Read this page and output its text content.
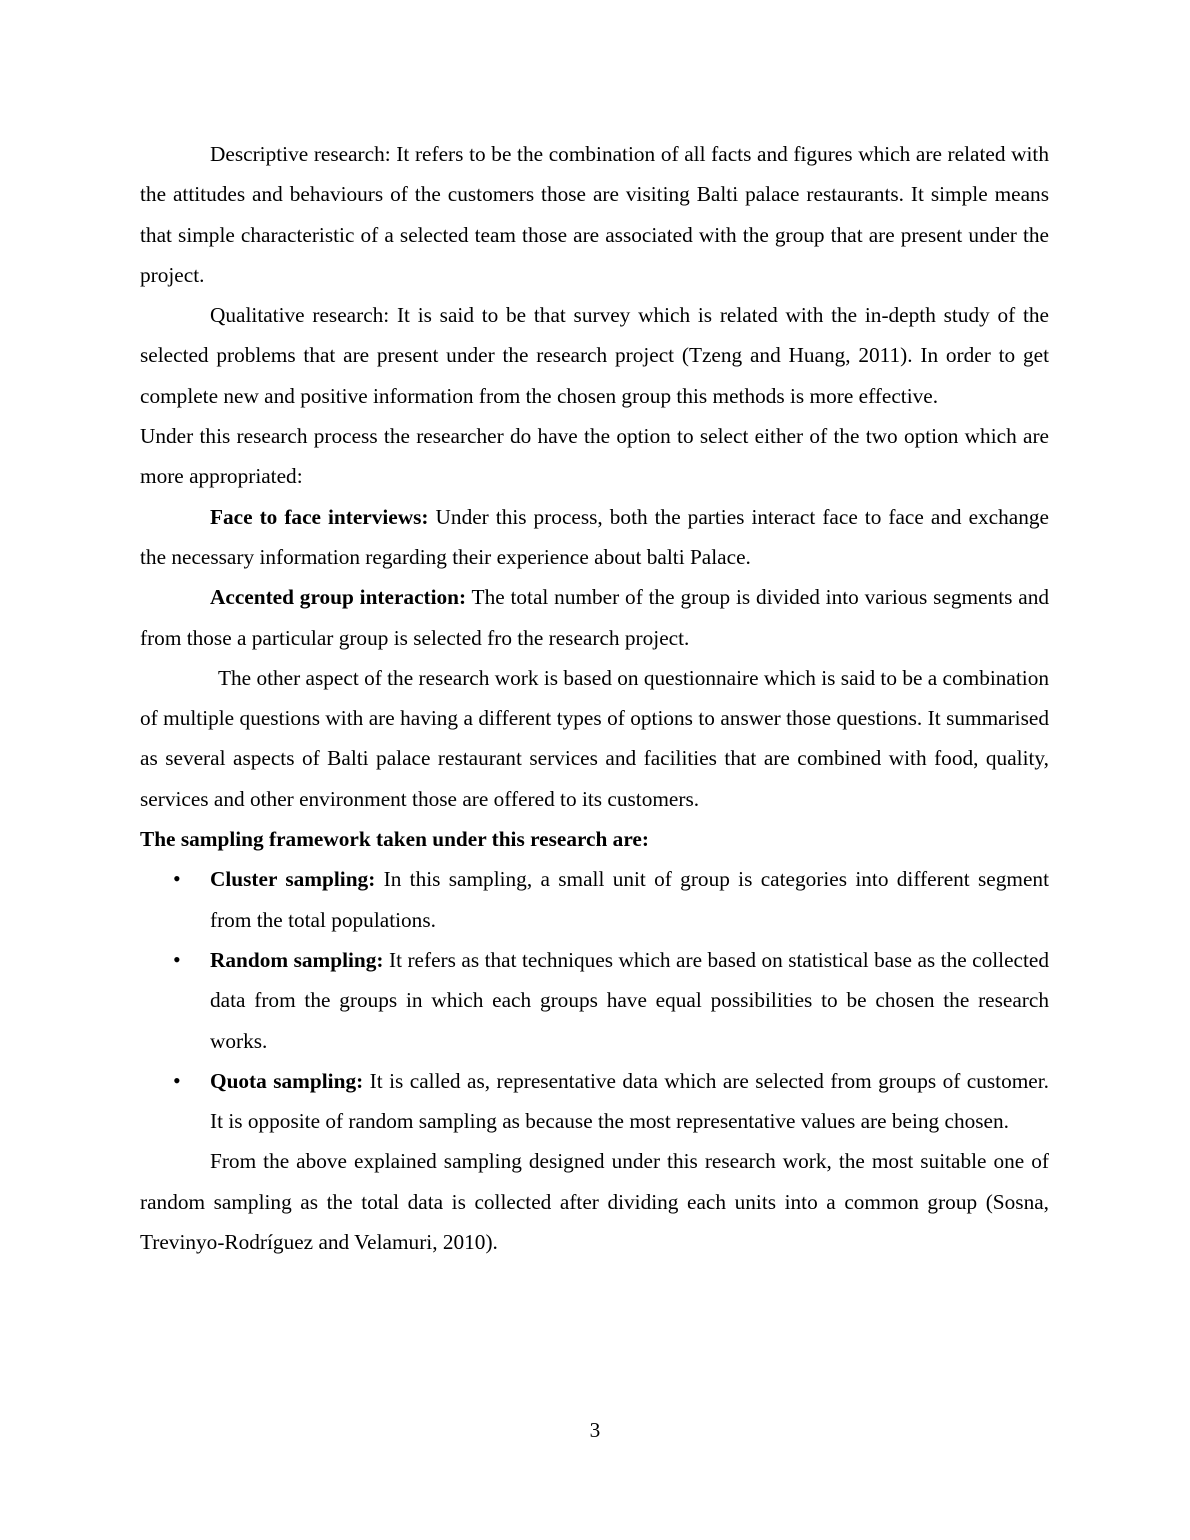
Descriptive research: It refers to be the combination of all facts and figures which are related with the attitudes and behaviours of the customers those are visiting Balti palace restaurants. It simple means that simple characteristic of a selected team those are associated with the group that are present under the project.

Qualitative research: It is said to be that survey which is related with the in-depth study of the selected problems that are present under the research project (Tzeng and Huang, 2011). In order to get complete new and positive information from the chosen group this methods is more effective.

Under this research process the researcher do have the option to select either of the two option which are more appropriated:

Face to face interviews: Under this process, both the parties interact face to face and exchange the necessary information regarding their experience about balti Palace.

Accented group interaction: The total number of the group is divided into various segments and from those a particular group is selected fro the research project.

The other aspect of the research work is based on questionnaire which is said to be a combination of multiple questions with are having a different types of options to answer those questions. It summarised as several aspects of Balti palace restaurant services and facilities that are combined with food, quality, services and other environment those are offered to its customers.

The sampling framework taken under this research are:

• Cluster sampling: In this sampling, a small unit of group is categories into different segment from the total populations.
• Random sampling: It refers as that techniques which are based on statistical base as the collected data from the groups in which each groups have equal possibilities to be chosen the research works.
• Quota sampling: It is called as, representative data which are selected from groups of customer. It is opposite of random sampling as because the most representative values are being chosen.

From the above explained sampling designed under this research work, the most suitable one of random sampling as the total data is collected after dividing each units into a common group (Sosna, Trevinyo-Rodríguez and Velamuri, 2010).

3
